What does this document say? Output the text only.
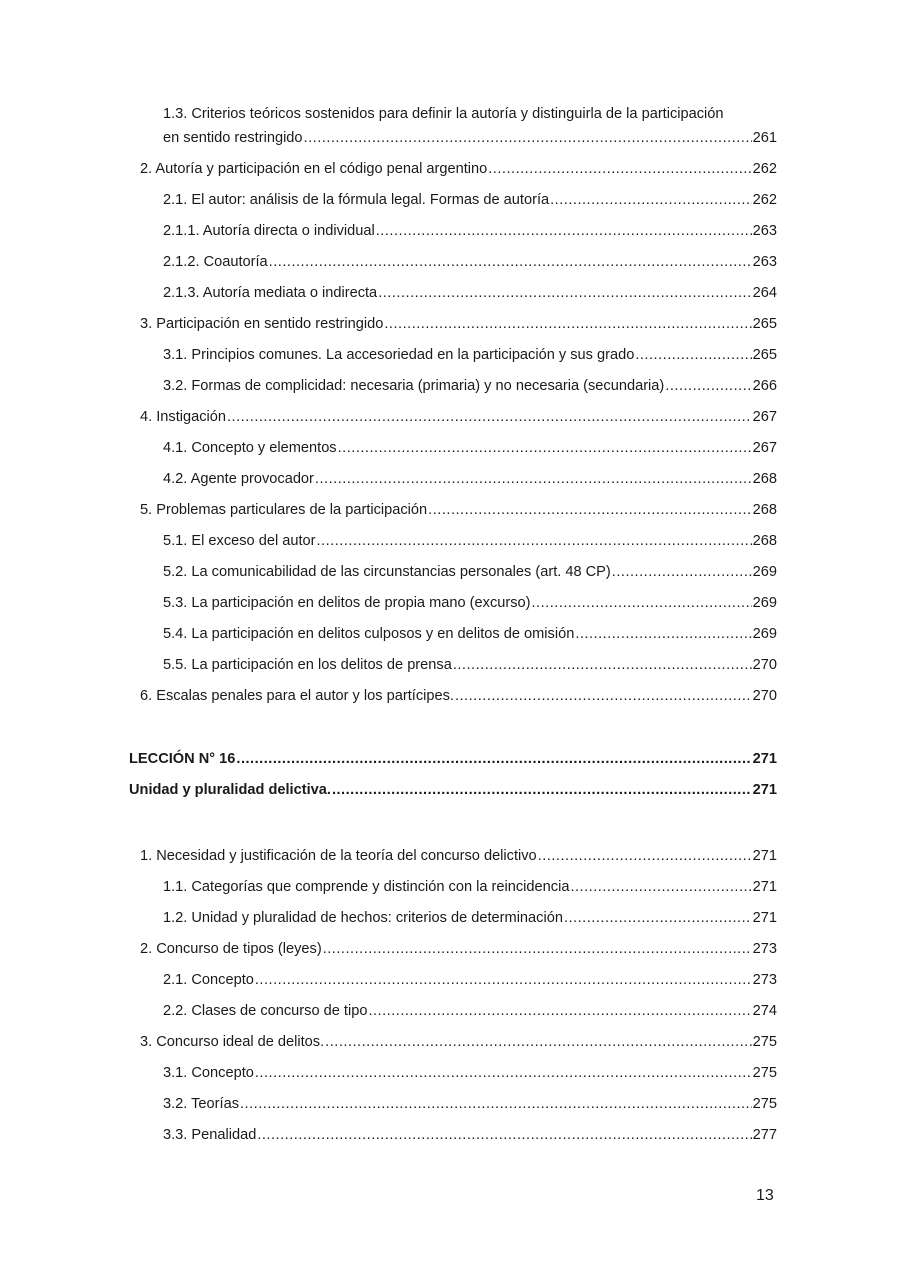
1.3. Criterios teóricos sostenidos para definir la autoría y distinguirla de la participación
en sentido restringido .....	261
2. Autoría y participación en el código penal argentino .....	262
2.1. El autor: análisis de la fórmula legal. Formas de autoría .....	262
2.1.1. Autoría directa o individual .....	263
2.1.2. Coautoría .....	263
2.1.3. Autoría mediata o indirecta .....	264
3. Participación en sentido restringido .....	265
3.1. Principios comunes. La accesoriedad en la participación y sus grado .....	265
3.2. Formas de complicidad: necesaria (primaria) y no necesaria (secundaria) .....	266
4. Instigación .....	267
4.1. Concepto y elementos .....	267
4.2. Agente provocador .....	268
5. Problemas particulares de la participación .....	268
5.1. El exceso del autor .....	268
5.2. La comunicabilidad de las circunstancias personales (art. 48 CP) .....	269
5.3. La participación en delitos de propia mano (excurso) .....	269
5.4. La participación en delitos culposos y en delitos de omisión .....	269
5.5. La participación en los delitos de prensa .....	270
6. Escalas penales para el autor y los partícipes. .....	270
LECCIÓN N° 16 .....	271
Unidad y pluralidad delictiva. .....	271
1. Necesidad y justificación de la teoría del concurso delictivo .....	271
1.1. Categorías que comprende y distinción con la reincidencia .....	271
1.2. Unidad y pluralidad de hechos: criterios de determinación .....	271
2. Concurso de tipos (leyes) .....	273
2.1. Concepto .....	273
2.2. Clases de concurso de tipo .....	274
3. Concurso ideal de delitos. .....	275
3.1. Concepto .....	275
3.2. Teorías .....	275
3.3. Penalidad .....	277
13
